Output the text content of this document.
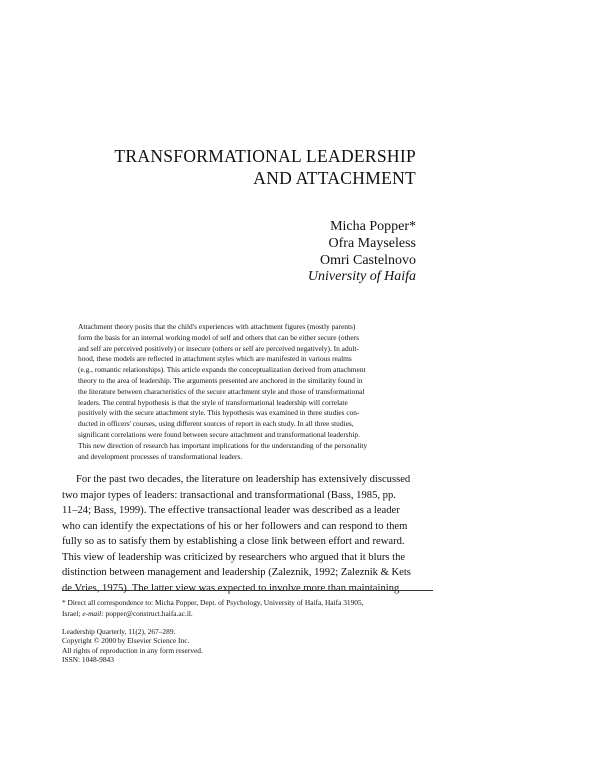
TRANSFORMATIONAL LEADERSHIP
AND ATTACHMENT
Micha Popper*
Ofra Mayseless
Omri Castelnovo
University of Haifa
Attachment theory posits that the child's experiences with attachment figures (mostly parents)
form the basis for an internal working model of self and others that can be either secure (others
and self are perceived positively) or insecure (others or self are perceived negatively). In adult-
hood, these models are reflected in attachment styles which are manifested in various realms
(e.g., romantic relationships). This article expands the conceptualization derived from attachment
theory to the area of leadership. The arguments presented are anchored in the similarity found in
the literature between characteristics of the secure attachment style and those of transformational
leaders. The central hypothesis is that the style of transformational leadership will correlate
positively with the secure attachment style. This hypothesis was examined in three studies con-
ducted in officers' courses, using different sources of report in each study. In all three studies,
significant correlations were found between secure attachment and transformational leadership.
This new direction of research has important implications for the understanding of the personality
and development processes of transformational leaders.
For the past two decades, the literature on leadership has extensively discussed
two major types of leaders: transactional and transformational (Bass, 1985, pp.
11–24; Bass, 1999). The effective transactional leader was described as a leader
who can identify the expectations of his or her followers and can respond to them
fully so as to satisfy them by establishing a close link between effort and reward.
This view of leadership was criticized by researchers who argued that it blurs the
distinction between management and leadership (Zaleznik, 1992; Zaleznik & Kets
de Vries, 1975). The latter view was expected to involve more than maintaining
* Direct all correspondence to: Micha Popper, Dept. of Psychology, University of Haifa, Haifa 31905,
Israel; e-mail: popper@construct.haifa.ac.il.
Leadership Quarterly, 11(2), 267–289.
Copyright © 2000 by Elsevier Science Inc.
All rights of reproduction in any form reserved.
ISSN: 1048-9843
